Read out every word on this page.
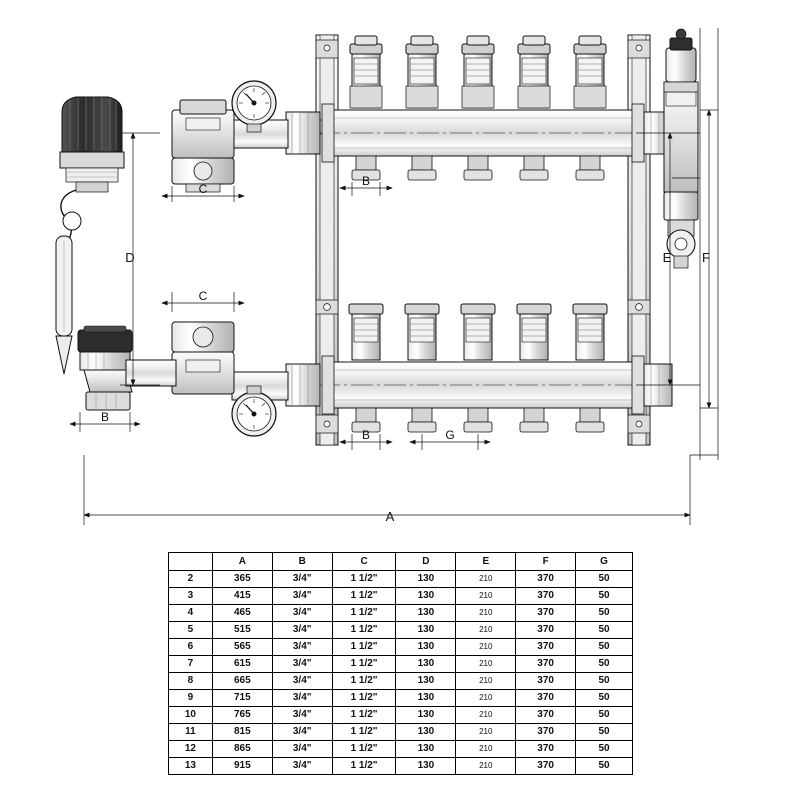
A
B
B	G
B
C
C
D	E F
	A	B	C	D	E	F	G
2	365	3/4"	1 1/2"	130	210	370	50
3	415	3/4"	1 1/2"	130	210	370	50
4	465	3/4"	1 1/2"	130	210	370	50
5	515	3/4"	1 1/2"	130	210	370	50
6	565	3/4"	1 1/2"	130	210	370	50
7	615	3/4"	1 1/2"	130	210	370	50
8	665	3/4"	1 1/2"	130	210	370	50
9	715	3/4"	1 1/2"	130	210	370	50
10	765	3/4"	1 1/2"	130	210	370	50
11	815	3/4"	1 1/2"	130	210	370	50
12	865	3/4"	1 1/2"	130	210	370	50
13	915	3/4"	1 1/2"	130	210	370	50
